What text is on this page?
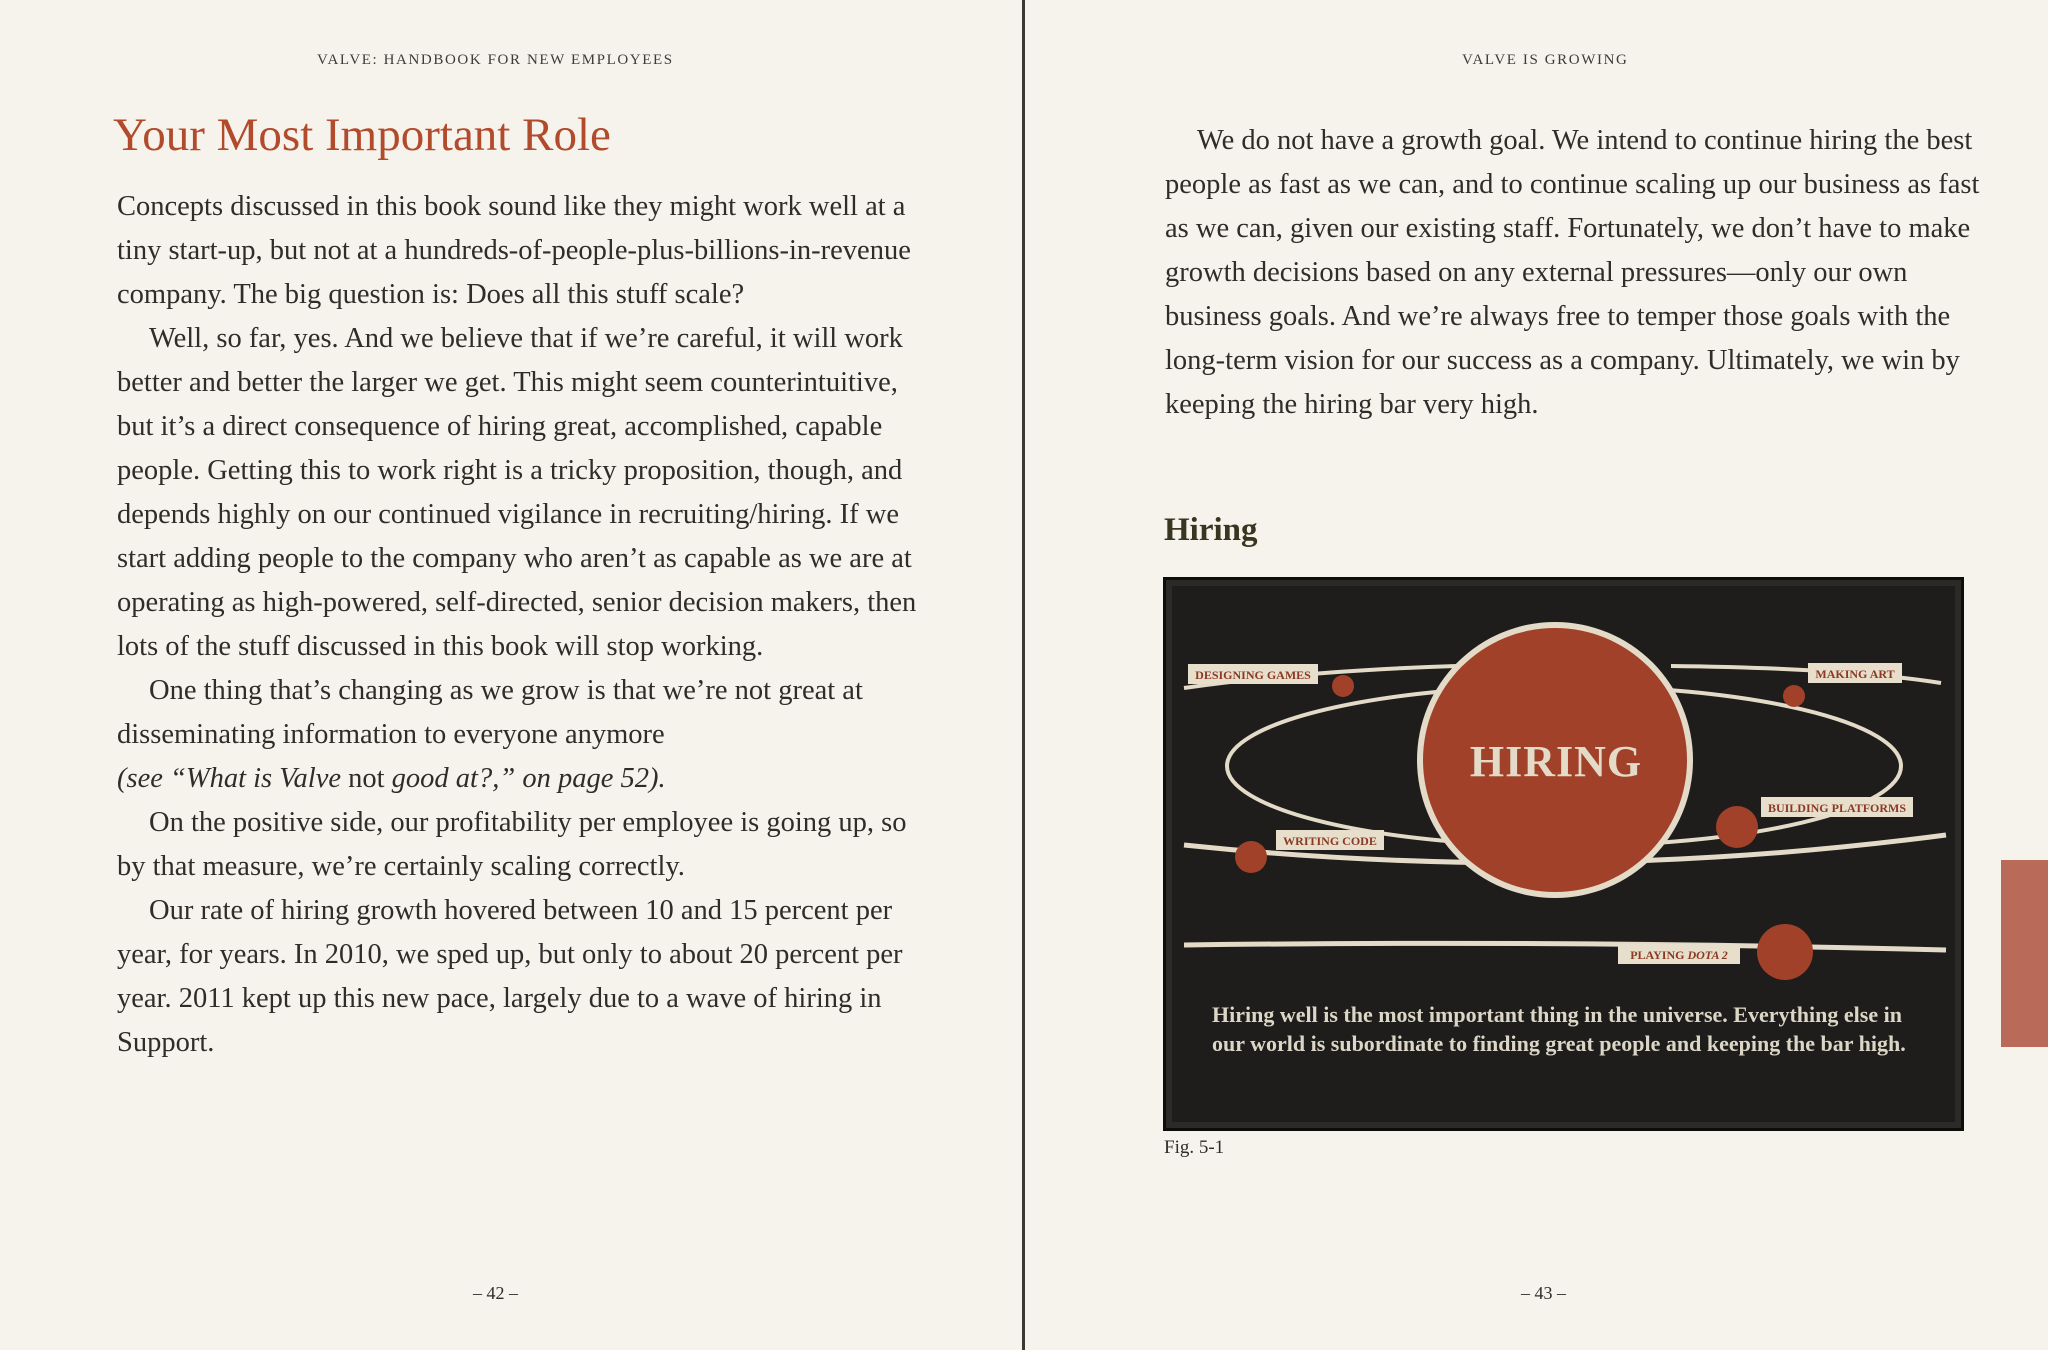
VALVE: HANDBOOK FOR NEW EMPLOYEES
Your Most Important Role

Concepts discussed in this book sound like they might work well at a tiny start-up, but not at a hundreds-of-people-plus-billions-in-revenue company. The big question is: Does all this stuff scale?

Well, so far, yes. And we believe that if we’re careful, it will work better and better the larger we get. This might seem counterintuitive, but it’s a direct consequence of hiring great, accomplished, capable people. Getting this to work right is a tricky proposition, though, and depends highly on our continued vigilance in recruiting/hiring. If we start adding people to the company who aren’t as capable as we are at operating as high-powered, self-directed, senior decision makers, then lots of the stuff discussed in this book will stop working.

One thing that’s changing as we grow is that we’re not great at disseminating information to everyone anymore
(see “What is Valve not good at?,” on page 52).

On the positive side, our profitability per employee is going up, so by that measure, we’re certainly scaling correctly.

Our rate of hiring growth hovered between 10 and 15 percent per year, for years. In 2010, we sped up, but only to about 20 percent per year. 2011 kept up this new pace, largely due to a wave of hiring in Support.

– 42 –
VALVE IS GROWING

We do not have a growth goal. We intend to continue hiring the best people as fast as we can, and to continue scaling up our business as fast as we can, given our existing staff. Fortunately, we don’t have to make growth decisions based on any external pressures—only our own business goals. And we’re always free to temper those goals with the long-term vision for our success as a company. Ultimately, we win by keeping the hiring bar very high.

Hiring
DESIGNING GAMES	MAKING ART
BUILDING PLATFORMS
WRITING CODE
PLAYING DOTA 2
HIRING
Hiring well is the most important thing in the universe. Everything else in our world is subordinate to finding great people and keeping the bar high.
Fig. 5-1
– 43 –
